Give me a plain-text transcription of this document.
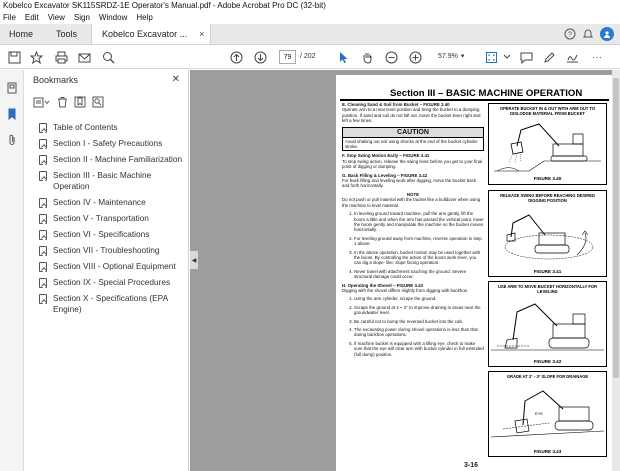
Kobelco Excavator SK115SRDZ-1E Operator's Manual.pdf - Adobe Acrobat Pro DC (32-bit)
File Edit View Sign Window Help
Home	Tools	Kobelco Excavator ... ×	?
79	/ 202	57.9% ▾	···
Bookmarks	✕
Table of Contents
Section I - Safety Precautions
Section II - Machine Familiarization
Section III - Basic Machine Operation
Section IV - Maintenance
Section V - Transportation
Section VI - Specifications
Section VII - Troubleshooting
Section VIII - Optional Equipment
Section IX - Special Procedures
Section X - Specifications (EPA Engine)
◀
Section III – BASIC MACHINE OPERATION

E. Cleaning Sand & Soil from Bucket – FIGURE 3.40
Operate arm to a near level position and bring the bucket to a dumping position. If sand and soil do not fall out, move the bucket lever right and left a few times.

CAUTION
Avoid shaking out soil using shocks at the end of the bucket cylinder stroke.

F. Stop Swing Motion Early – FIGURE 3.41
To stop swing action, release the swing lever before you get to your final point of digging or dumping.

G. Back Filling & Leveling – FIGURE 3.42
For back filling and leveling work after digging, move the bucket back and forth horizontally.

NOTE

Do not push or pull material with the bucket like a bulldozer when using the machine to level material.

1. In leveling ground toward machine, pull the arm gently, lift the boom a little and when the arm has passed the vertical point, lower the boom gently and manipulate the machine so the bucket moves horizontally.
2. For leveling ground away from machine, reverse operation in step 1 above.
3. In the above operation, bucket motion may be used together with the boom. By controlling the action of the boom work lever, you can dig a slope- like, slope facing operation.
4. Never travel with attachment touching the ground. Severe structural damage could occur.

H. Operating the Shovel – FIGURE 3.43
Digging with the shovel differs slightly from digging with backhoe.

1. Using the arm cylinder, scrape the ground.
2. Scrape the ground at 2 ~ 3° to improve draining in areas near the groundwater level.
3. Be careful not to bump the reversed bucket into the cab.
4. The excavating power during shovel operations is less than that during backhoe operations.
5. If machine bucket is equipped with a lifting eye, check to make sure that the eye will clear arm with bucket cylinder in full extended (full dump) position.
OPERATE BUCKET IN & OUT WITH ARM OUT TO DISLODGE MATERIAL FROM BUCKET
FIGURE 3.40
RELEASE SWING BEFORE REACHING DESIRED DIGGING POSITION
FIGURE 3.41
USE ARM TO MOVE BUCKET HORIZONTALLY FOR LEVELING
FIGURE 3.42
GRADE AT 2° - 3° SLOPE FOR DRAINAGE
EYE
FIGURE 3.43
3-16
